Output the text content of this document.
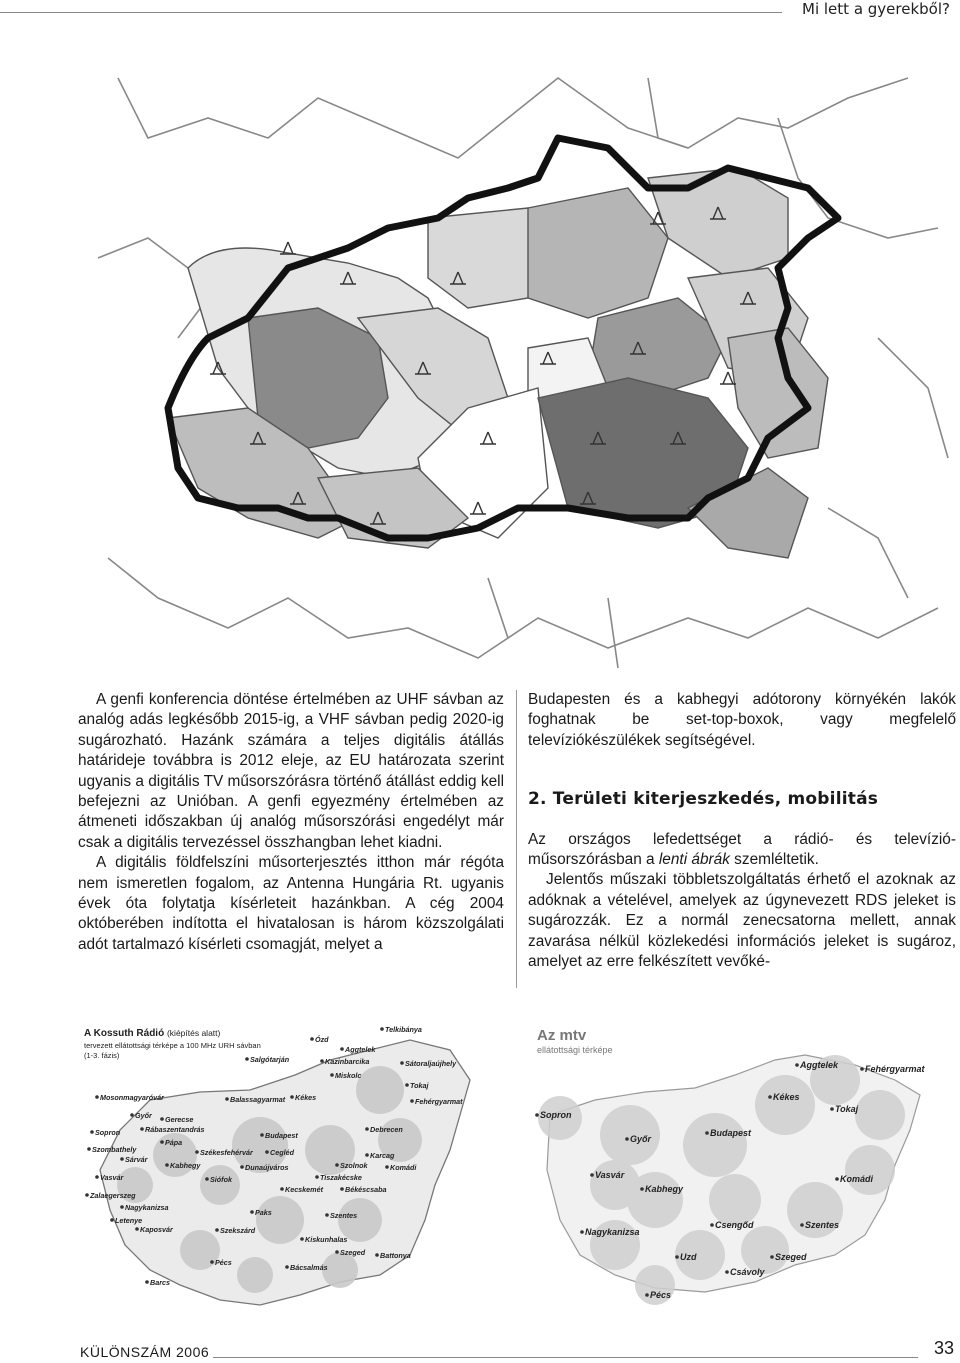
Mi lett a gyerekből?

A genfi konferencia döntése értelmében az UHF sávban az analóg adás legkésőbb 2015-ig, a VHF sávban pedig 2020-ig sugározható. Hazánk számára a teljes digitális átállás határideje továbbra is 2012 eleje, az EU határozata szerint ugyanis a digitális TV műsorszórásra történő átállást eddig kell befejezni az Unióban. A genfi egyezmény értelmében az átmeneti időszakban új analóg műsorszórási engedélyt már csak a digitális tervezéssel összhangban lehet kiadni.

A digitális földfelszíni műsorterjesztés itthon már régóta nem ismeretlen fogalom, az Antenna Hungária Rt. ugyanis évek óta folytatja kísérleteit hazánkban. A cég 2004 októberében indította el hivatalosan is három közszolgálati adót tartalmazó kísérleti csomagját, melyet a

Budapesten és a kabhegyi adótorony környékén lakók foghatnak be set-top-boxok, vagy megfelelő televíziókészülékek segítségével.

2. Területi kiterjeszkedés, mobilitás

Az országos lefedettséget a rádió- és televízió-műsorszórásban a lenti ábrák szemléltetik.

Jelentős műszaki többletszolgáltatás érhető el azoknak az adóknak a vételével, amelyek az úgynevezett RDS jeleket is sugározzák. Ez a normál zenecsatorna mellett, annak zavarása nélkül közlekedési információs jeleket is sugároz, amelyet az erre felkészített vevőké-

A Kossuth Rádió (kiépítés alatt)
tervezett ellátottsági térképe a 100 MHz URH sávban
(1-3. fázis)
Telkibánya
Ózd
Aggtelek
Salgótarján	Kazinbarcika	Sátoraljaújhely
Miskolc
Tokaj
Mosonmagyaróvár	Balassagyarmat Kékes	Fehérgyarmat
Győr Gerecse
Sopron	Rábaszentandrás
Budapest
Debrecen
Szombathely
Pápa
Székesfehérvár Cegléd	Karcag
Sárvár
Kabhegy	Dunaújváros	Szolnok	Komádi
Vasvár	Siófok	Tiszakécske
Zalaegerszeg
Kecskemét	Békéscsaba
Nagykanizsa
Paks	Szentes
Letenye
Kaposvár	Szekszárd
Kiskunhalas
Szeged Battonya
Pécs
Bácsalmás
Barcs
Az mtv
ellátottsági térképe
Aggtelek	Fehérgyarmat
Kékes
Tokaj
Sopron
Budapest
Győr
Vasvár
Kabhegy
Komádi
Csengőd
Nagykanizsa
Szentes
Uzd	Szeged
Csávoly
Pécs
KÜLÖNSZÁM 2006	33
